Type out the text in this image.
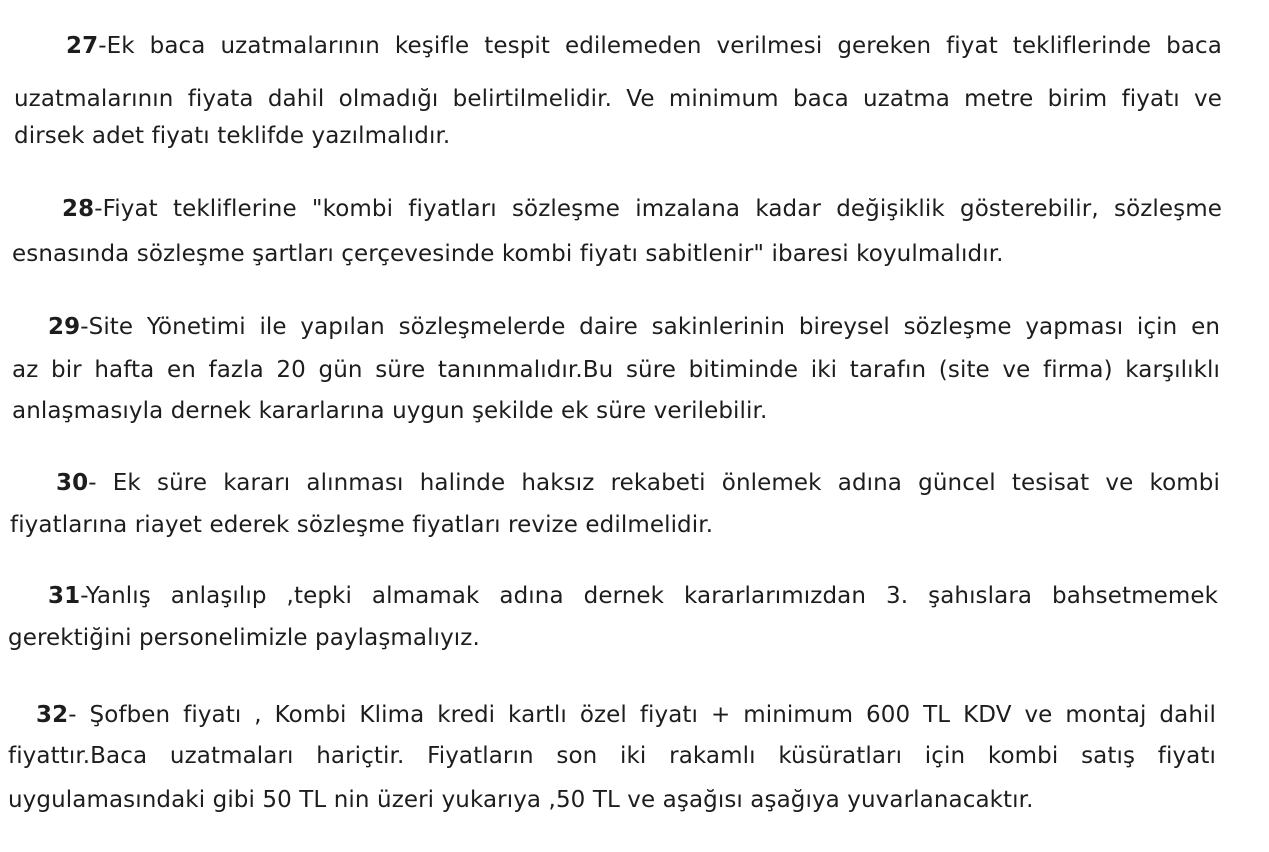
27-Ek baca uzatmalarının keşifle tespit edilemeden verilmesi gereken fiyat tekliflerinde baca
uzatmalarının fiyata dahil olmadığı belirtilmelidir. Ve minimum baca uzatma metre birim fiyatı ve
dirsek adet fiyatı teklifde yazılmalıdır.
28-Fiyat tekliflerine "kombi fiyatları sözleşme imzalana kadar değişiklik gösterebilir, sözleşme
esnasında sözleşme şartları çerçevesinde kombi fiyatı sabitlenir" ibaresi koyulmalıdır.
29-Site Yönetimi ile yapılan sözleşmelerde daire sakinlerinin bireysel sözleşme yapması için en
az bir hafta en fazla 20 gün süre tanınmalıdır.Bu süre bitiminde iki tarafın (site ve firma) karşılıklı
anlaşmasıyla dernek kararlarına uygun şekilde ek süre verilebilir.
30- Ek süre kararı alınması halinde haksız rekabeti önlemek adına güncel tesisat ve kombi
fiyatlarına riayet ederek sözleşme fiyatları revize edilmelidir.
31-Yanlış anlaşılıp ,tepki almamak adına dernek kararlarımızdan 3. şahıslara bahsetmemek
gerektiğini personelimizle paylaşmalıyız.
32- Şofben fiyatı , Kombi Klima kredi kartlı özel fiyatı + minimum 600 TL KDV ve montaj dahil
fiyattır.Baca uzatmaları hariçtir. Fiyatların son iki rakamlı küsüratları için kombi satış fiyatı
uygulamasındaki gibi 50 TL nin üzeri yukarıya ,50 TL ve aşağısı aşağıya yuvarlanacaktır.
